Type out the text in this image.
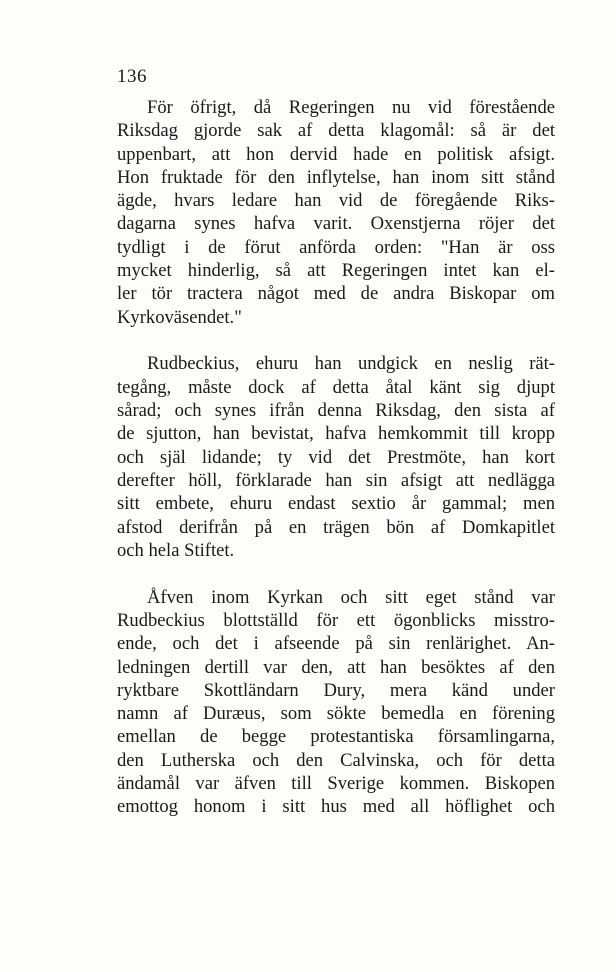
136
För öfrigt, då Regeringen nu vid förestående
Riksdag gjorde sak af detta klagomål: så är det
uppenbart, att hon dervid hade en politisk afsigt.
Hon fruktade för den inflytelse, han inom sitt stånd
ägde, hvars ledare han vid de föregående Riks-
dagarna synes hafva varit. Oxenstjerna röjer det
tydligt i de förut anförda orden: "Han är oss
mycket hinderlig, så att Regeringen intet kan el-
ler tör tractera något med de andra Biskopar om
Kyrkoväsendet."
Rudbeckius, ehuru han undgick en neslig rät-
tegång, måste dock af detta åtal känt sig djupt
sårad; och synes ifrån denna Riksdag, den sista af
de sjutton, han bevistat, hafva hemkommit till kropp
och själ lidande; ty vid det Prestmöte, han kort
derefter höll, förklarade han sin afsigt att nedlägga
sitt embete, ehuru endast sextio år gammal; men
afstod derifrån på en trägen bön af Domkapitlet
och hela Stiftet.
Åfven inom Kyrkan och sitt eget stånd var
Rudbeckius blottställd för ett ögonblicks misstro-
ende, och det i afseende på sin renlärighet. An-
ledningen dertill var den, att han besöktes af den
ryktbare Skottländarn Dury, mera känd under
namn af Duræus, som sökte bemedla en förening
emellan de begge protestantiska församlingarna,
den Lutherska och den Calvinska, och för detta
ändamål var äfven till Sverige kommen. Biskopen
emottog honom i sitt hus med all höflighet och
